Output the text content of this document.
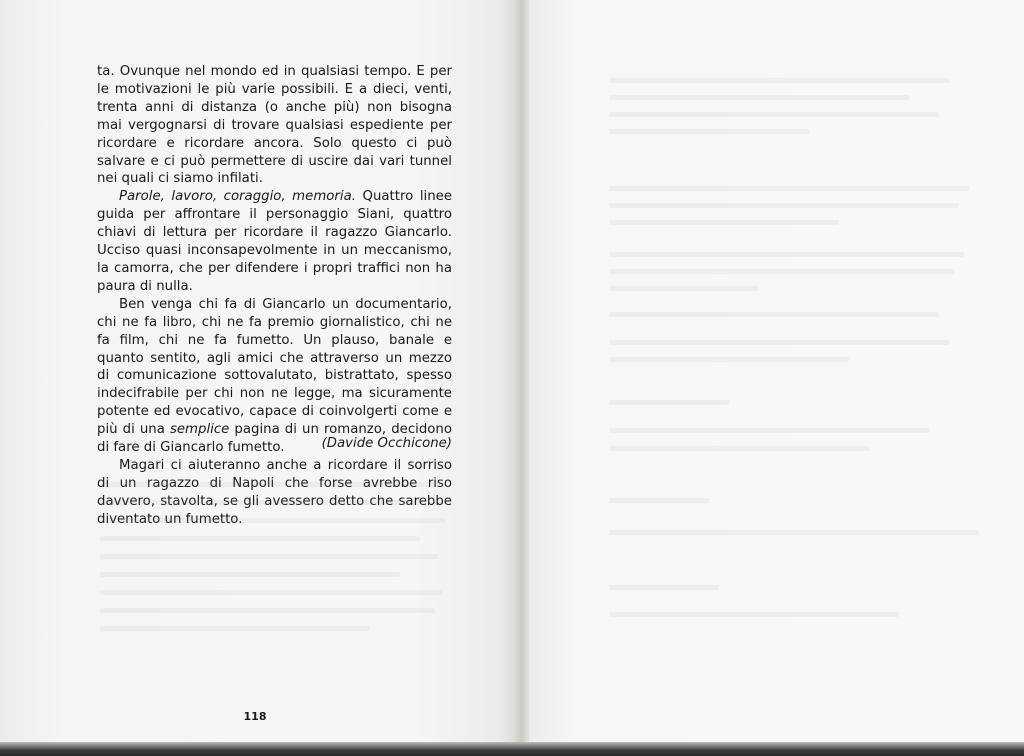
ta. Ovunque nel mondo ed in qualsiasi tempo. E per le motivazioni le più varie possibili. E a dieci, venti, trenta anni di distanza (o anche più) non bisogna mai vergognarsi di trovare qualsiasi espediente per ricordare e ricordare ancora. Solo questo ci può salvare e ci può permettere di uscire dai vari tunnel nei quali ci siamo infilati.

Parole, lavoro, coraggio, memoria. Quattro linee guida per affrontare il personaggio Siani, quattro chiavi di lettura per ricordare il ragazzo Giancarlo. Ucciso quasi inconsapevolmente in un meccanismo, la camorra, che per difendere i propri traffici non ha paura di nulla.

Ben venga chi fa di Giancarlo un documentario, chi ne fa libro, chi ne fa premio giornalistico, chi ne fa film, chi ne fa fumetto. Un plauso, banale e quanto sentito, agli amici che attraverso un mezzo di comunicazione sottovalutato, bistrattato, spesso indecifrabile per chi non ne legge, ma sicuramente potente ed evocativo, capace di coinvolgerti come e più di una semplice pagina di un romanzo, decidono di fare di Giancarlo fumetto.

Magari ci aiuteranno anche a ricordare il sorriso di un ragazzo di Napoli che forse avrebbe riso davvero, stavolta, se gli avessero detto che sarebbe diventato un fumetto.

(Davide Occhicone)
118
